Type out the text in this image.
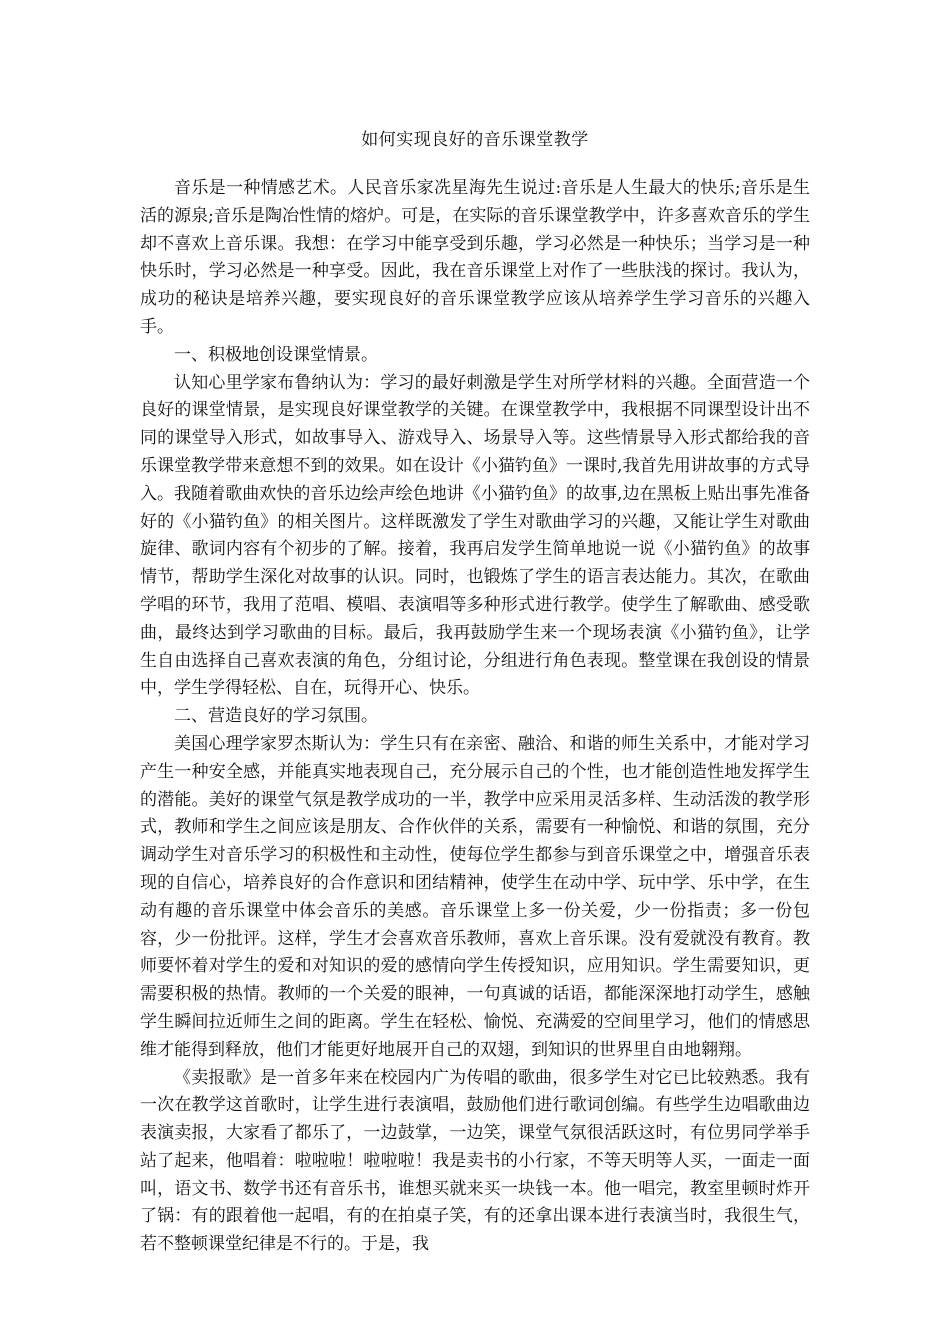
如何实现良好的音乐课堂教学

音乐是一种情感艺术。人民音乐家冼星海先生说过:音乐是人生最大的快乐;音乐是生活的源泉;音乐是陶冶性情的熔炉。可是，在实际的音乐课堂教学中，许多喜欢音乐的学生却不喜欢上音乐课。我想：在学习中能享受到乐趣，学习必然是一种快乐；当学习是一种快乐时，学习必然是一种享受。因此，我在音乐课堂上对作了一些肤浅的探讨。我认为，成功的秘诀是培养兴趣，要实现良好的音乐课堂教学应该从培养学生学习音乐的兴趣入手。

一、积极地创设课堂情景。

认知心里学家布鲁纳认为：学习的最好刺激是学生对所学材料的兴趣。全面营造一个良好的课堂情景，是实现良好课堂教学的关键。在课堂教学中，我根据不同课型设计出不同的课堂导入形式，如故事导入、游戏导入、场景导入等。这些情景导入形式都给我的音乐课堂教学带来意想不到的效果。如在设计《小猫钓鱼》一课时,我首先用讲故事的方式导入。我随着歌曲欢快的音乐边绘声绘色地讲《小猫钓鱼》的故事,边在黑板上贴出事先准备好的《小猫钓鱼》的相关图片。这样既激发了学生对歌曲学习的兴趣，又能让学生对歌曲旋律、歌词内容有个初步的了解。接着，我再启发学生简单地说一说《小猫钓鱼》的故事情节，帮助学生深化对故事的认识。同时，也锻炼了学生的语言表达能力。其次，在歌曲学唱的环节，我用了范唱、模唱、表演唱等多种形式进行教学。使学生了解歌曲、感受歌曲，最终达到学习歌曲的目标。最后，我再鼓励学生来一个现场表演《小猫钓鱼》，让学生自由选择自己喜欢表演的角色，分组讨论，分组进行角色表现。整堂课在我创设的情景中，学生学得轻松、自在，玩得开心、快乐。

二、营造良好的学习氛围。

美国心理学家罗杰斯认为：学生只有在亲密、融洽、和谐的师生关系中，才能对学习产生一种安全感，并能真实地表现自己，充分展示自己的个性，也才能创造性地发挥学生的潜能。美好的课堂气氛是教学成功的一半，教学中应采用灵活多样、生动活泼的教学形式，教师和学生之间应该是朋友、合作伙伴的关系，需要有一种愉悦、和谐的氛围，充分调动学生对音乐学习的积极性和主动性，使每位学生都参与到音乐课堂之中，增强音乐表现的自信心，培养良好的合作意识和团结精神，使学生在动中学、玩中学、乐中学，在生动有趣的音乐课堂中体会音乐的美感。音乐课堂上多一份关爱，少一份指责；多一份包容，少一份批评。这样，学生才会喜欢音乐教师，喜欢上音乐课。没有爱就没有教育。教师要怀着对学生的爱和对知识的爱的感情向学生传授知识，应用知识。学生需要知识，更需要积极的热情。教师的一个关爱的眼神，一句真诚的话语，都能深深地打动学生，感触学生瞬间拉近师生之间的距离。学生在轻松、愉悦、充满爱的空间里学习，他们的情感思维才能得到释放，他们才能更好地展开自己的双翅，到知识的世界里自由地翱翔。

《卖报歌》是一首多年来在校园内广为传唱的歌曲，很多学生对它已比较熟悉。我有一次在教学这首歌时，让学生进行表演唱，鼓励他们进行歌词创编。有些学生边唱歌曲边表演卖报，大家看了都乐了，一边鼓掌，一边笑，课堂气氛很活跃这时，有位男同学举手站了起来，他唱着：啦啦啦！啦啦啦！我是卖书的小行家，不等天明等人买，一面走一面叫，语文书、数学书还有音乐书，谁想买就来买一块钱一本。他一唱完，教室里顿时炸开了锅：有的跟着他一起唱，有的在拍桌子笑，有的还拿出课本进行表演当时，我很生气，若不整顿课堂纪律是不行的。于是，我
